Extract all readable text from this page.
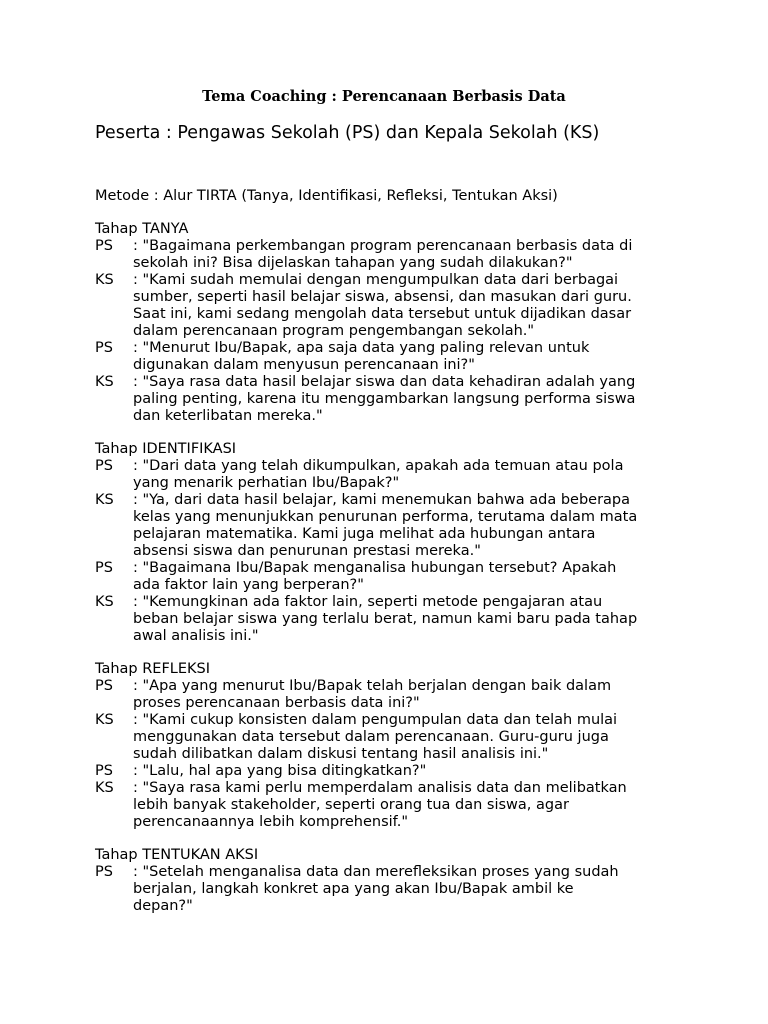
Tema Coaching : Perencanaan Berbasis Data
Peserta : Pengawas Sekolah (PS) dan Kepala Sekolah (KS)
Metode : Alur TIRTA (Tanya, Identifikasi, Refleksi, Tentukan Aksi)
Tahap TANYA
PS	: "Bagaimana perkembangan program perencanaan berbasis data di
sekolah ini? Bisa dijelaskan tahapan yang sudah dilakukan?"
KS	: "Kami sudah memulai dengan mengumpulkan data dari berbagai
sumber, seperti hasil belajar siswa, absensi, dan masukan dari guru.
Saat ini, kami sedang mengolah data tersebut untuk dijadikan dasar
dalam perencanaan program pengembangan sekolah."
PS	: "Menurut Ibu/Bapak, apa saja data yang paling relevan untuk
digunakan dalam menyusun perencanaan ini?"
KS	: "Saya rasa data hasil belajar siswa dan data kehadiran adalah yang
paling penting, karena itu menggambarkan langsung performa siswa
dan keterlibatan mereka."
Tahap IDENTIFIKASI
PS	: "Dari data yang telah dikumpulkan, apakah ada temuan atau pola
yang menarik perhatian Ibu/Bapak?"
KS	: "Ya, dari data hasil belajar, kami menemukan bahwa ada beberapa
kelas yang menunjukkan penurunan performa, terutama dalam mata
pelajaran matematika. Kami juga melihat ada hubungan antara
absensi siswa dan penurunan prestasi mereka."
PS	: "Bagaimana Ibu/Bapak menganalisa hubungan tersebut? Apakah
ada faktor lain yang berperan?"
KS	: "Kemungkinan ada faktor lain, seperti metode pengajaran atau
beban belajar siswa yang terlalu berat, namun kami baru pada tahap
awal analisis ini."
Tahap REFLEKSI
PS	: "Apa yang menurut Ibu/Bapak telah berjalan dengan baik dalam
proses perencanaan berbasis data ini?"
KS	: "Kami cukup konsisten dalam pengumpulan data dan telah mulai
menggunakan data tersebut dalam perencanaan. Guru-guru juga
sudah dilibatkan dalam diskusi tentang hasil analisis ini."
PS	: "Lalu, hal apa yang bisa ditingkatkan?"
KS	: "Saya rasa kami perlu memperdalam analisis data dan melibatkan
lebih banyak stakeholder, seperti orang tua dan siswa, agar
perencanaannya lebih komprehensif."
Tahap TENTUKAN AKSI
PS	: "Setelah menganalisa data dan merefleksikan proses yang sudah
berjalan, langkah konkret apa yang akan Ibu/Bapak ambil ke
depan?"
